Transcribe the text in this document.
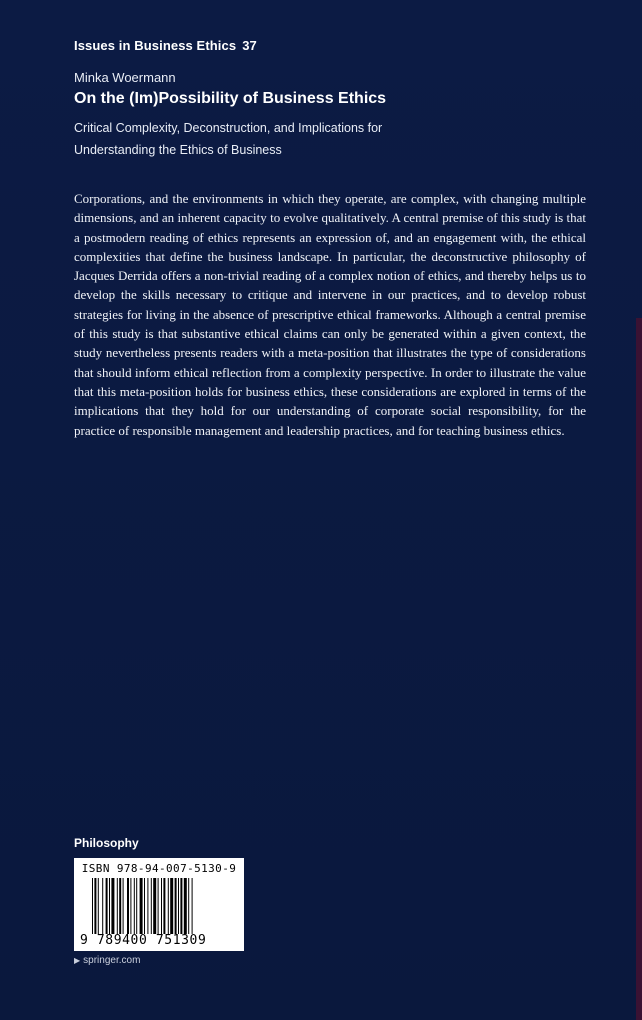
Issues in Business Ethics 37
Minka Woermann
On the (Im)Possibility of Business Ethics
Critical Complexity, Deconstruction, and Implications for Understanding the Ethics of Business
Corporations, and the environments in which they operate, are complex, with changing multiple dimensions, and an inherent capacity to evolve qualitatively. A central premise of this study is that a postmodern reading of ethics represents an expression of, and an engagement with, the ethical complexities that define the business landscape. In particular, the deconstructive philosophy of Jacques Derrida offers a non-trivial reading of a complex notion of ethics, and thereby helps us to develop the skills necessary to critique and intervene in our practices, and to develop robust strategies for living in the absence of prescriptive ethical frameworks. Although a central premise of this study is that substantive ethical claims can only be generated within a given context, the study nevertheless presents readers with a meta-position that illustrates the type of considerations that should inform ethical reflection from a complexity perspective. In order to illustrate the value that this meta-position holds for business ethics, these considerations are explored in terms of the implications that they hold for our understanding of corporate social responsibility, for the practice of responsible management and leadership practices, and for teaching business ethics.
Philosophy
ISBN 978-94-007-5130-9
9 789400 751309
▶ springer.com
